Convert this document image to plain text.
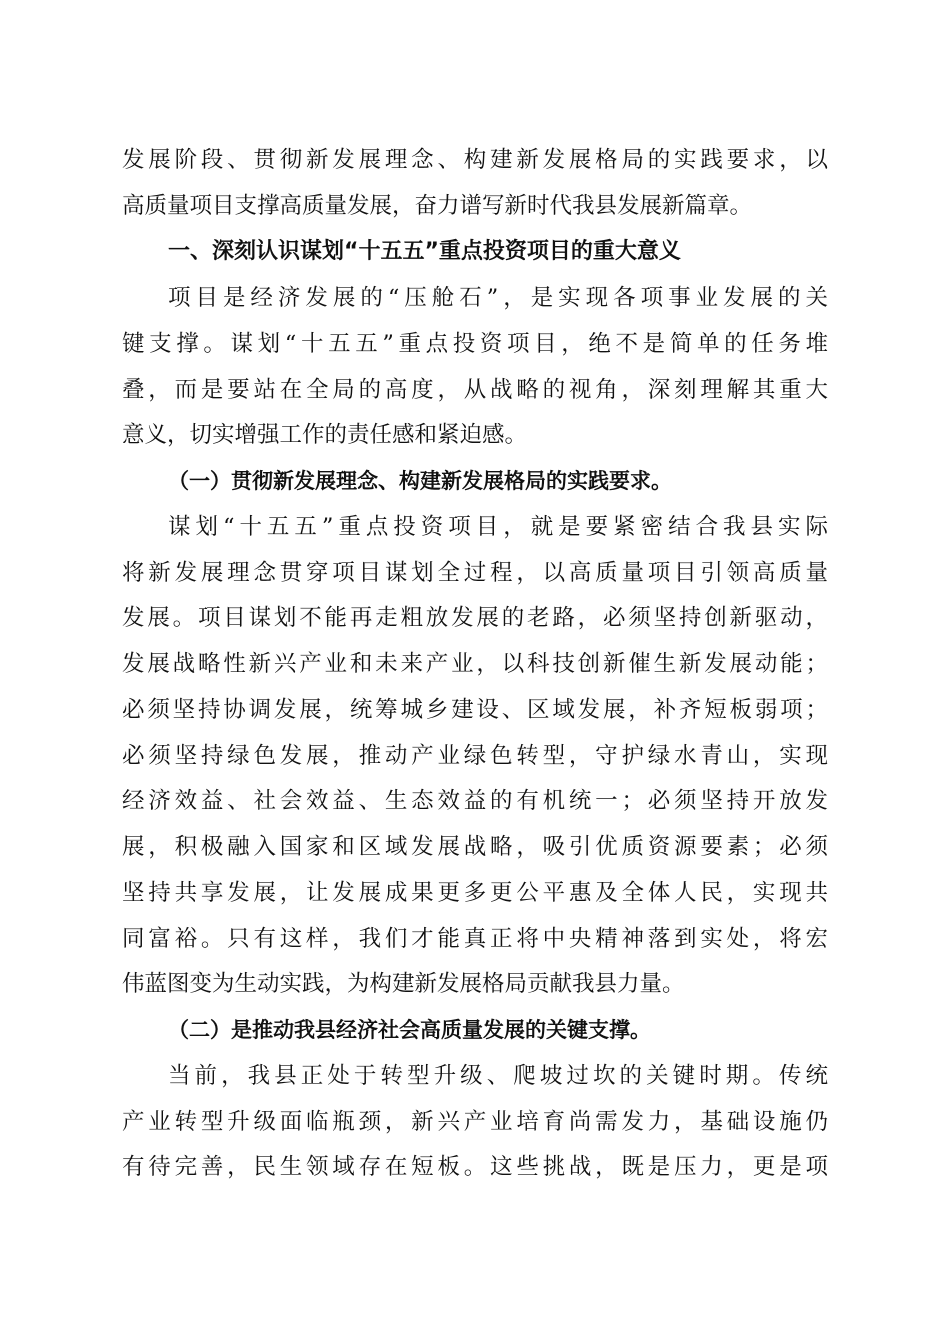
发展阶段、贯彻新发展理念、构建新发展格局的实践要求，以
高质量项目支撑高质量发展，奋力谱写新时代我县发展新篇章。
一、深刻认识谋划“十五五”重点投资项目的重大意义
项目是经济发展的“压舱石”，是实现各项事业发展的关
键支撑。谋划“十五五”重点投资项目，绝不是简单的任务堆
叠，而是要站在全局的高度，从战略的视角，深刻理解其重大
意义，切实增强工作的责任感和紧迫感。
（一）贯彻新发展理念、构建新发展格局的实践要求。
谋划“十五五”重点投资项目，就是要紧密结合我县实际
将新发展理念贯穿项目谋划全过程，以高质量项目引领高质量
发展。项目谋划不能再走粗放发展的老路，必须坚持创新驱动，
发展战略性新兴产业和未来产业，以科技创新催生新发展动能；
必须坚持协调发展，统筹城乡建设、区域发展，补齐短板弱项；
必须坚持绿色发展，推动产业绿色转型，守护绿水青山，实现
经济效益、社会效益、生态效益的有机统一；必须坚持开放发
展，积极融入国家和区域发展战略，吸引优质资源要素；必须
坚持共享发展，让发展成果更多更公平惠及全体人民，实现共
同富裕。只有这样，我们才能真正将中央精神落到实处，将宏
伟蓝图变为生动实践，为构建新发展格局贡献我县力量。
（二）是推动我县经济社会高质量发展的关键支撑。
当前，我县正处于转型升级、爬坡过坎的关键时期。传统
产业转型升级面临瓶颈，新兴产业培育尚需发力，基础设施仍
有待完善，民生领域存在短板。这些挑战，既是压力，更是项
